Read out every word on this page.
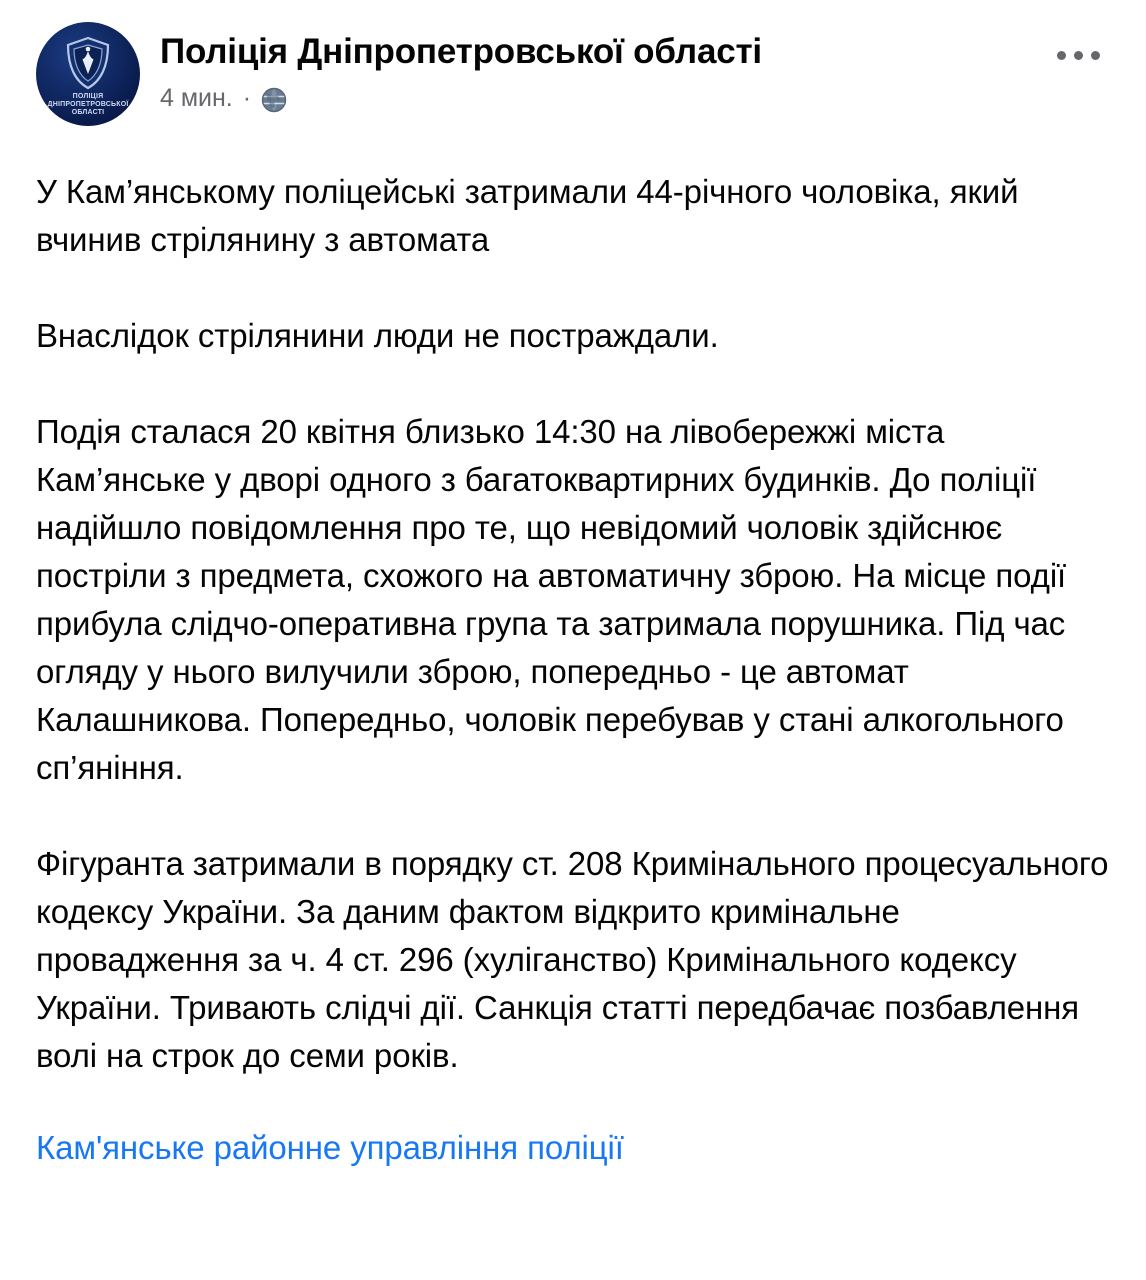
ПОЛІЦІЯ
ДНІПРОПЕТРОВСЬКОЇ
ОБЛАСТІ
Поліція Дніпропетровської області
4 мин. ·

У Кам’янському поліцейські затримали 44-річного чоловіка, який вчинив стрілянину з автомата

Внаслідок стрілянини люди не постраждали.

Подія сталася 20 квітня близько 14:30 на лівобережжі міста Кам’янське у дворі одного з багатоквартирних будинків. До поліції надійшло повідомлення про те, що невідомий чоловік здійснює постріли з предмета, схожого на автоматичну зброю. На місце події прибула слідчо-оперативна група та затримала порушника. Під час огляду у нього вилучили зброю, попередньо - це автомат Калашникова. Попередньо, чоловік перебував у стані алкогольного сп’яніння.

Фігуранта затримали в порядку ст. 208 Кримінального процесуального кодексу України. За даним фактом відкрито кримінальне провадження за ч. 4 ст. 296 (хуліганство) Кримінального кодексу України. Тривають слідчі дії. Санкція статті передбачає позбавлення волі на строк до семи років.

Кам'янське районне управління поліції
